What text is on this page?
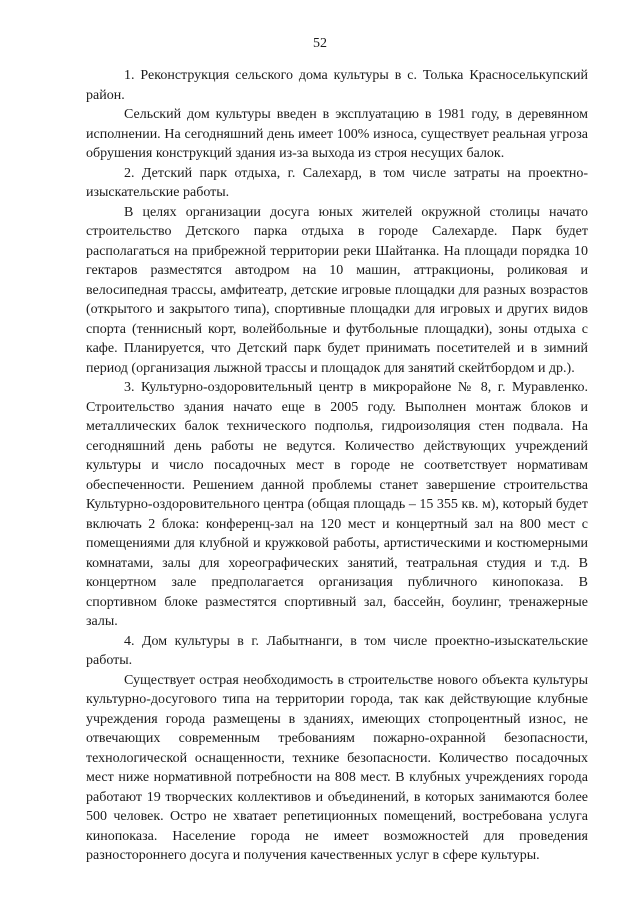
52

1. Реконструкция сельского дома культуры в с. Толька Красноселькупский район.

Сельский дом культуры введен в эксплуатацию в 1981 году, в деревянном исполнении. На сегодняшний день имеет 100% износа, существует реальная угроза обрушения конструкций здания из-за выхода из строя несущих балок.

2. Детский парк отдыха, г. Салехард, в том числе затраты на проектно-изыскательские работы.

В целях организации досуга юных жителей окружной столицы начато строительство Детского парка отдыха в городе Салехарде. Парк будет располагаться на прибрежной территории реки Шайтанка. На площади порядка 10 гектаров разместятся автодром на 10 машин, аттракционы, роликовая и велосипедная трассы, амфитеатр, детские игровые площадки для разных возрастов (открытого и закрытого типа), спортивные площадки для игровых и других видов спорта (теннисный корт, волейбольные и футбольные площадки), зоны отдыха с кафе. Планируется, что Детский парк будет принимать посетителей и в зимний период (организация лыжной трассы и площадок для занятий скейтбордом и др.).

3. Культурно-оздоровительный центр в микрорайоне № 8, г. Муравленко. Строительство здания начато еще в 2005 году. Выполнен монтаж блоков и металлических балок технического подполья, гидроизоляция стен подвала. На сегодняшний день работы не ведутся. Количество действующих учреждений культуры и число посадочных мест в городе не соответствует нормативам обеспеченности. Решением данной проблемы станет завершение строительства Культурно-оздоровительного центра (общая площадь – 15 355 кв. м), который будет включать 2 блока: конференц-зал на 120 мест и концертный зал на 800 мест с помещениями для клубной и кружковой работы, артистическими и костюмерными комнатами, залы для хореографических занятий, театральная студия и т.д. В концертном зале предполагается организация публичного кинопоказа. В спортивном блоке разместятся спортивный зал, бассейн, боулинг, тренажерные залы.

4. Дом культуры в г. Лабытнанги, в том числе проектно-изыскательские работы.

Существует острая необходимость в строительстве нового объекта культуры культурно-досугового типа на территории города, так как действующие клубные учреждения города размещены в зданиях, имеющих стопроцентный износ, не отвечающих современным требованиям пожарно-охранной безопасности, технологической оснащенности, технике безопасности. Количество посадочных мест ниже нормативной потребности на 808 мест. В клубных учреждениях города работают 19 творческих коллективов и объединений, в которых занимаются более 500 человек. Остро не хватает репетиционных помещений, востребована услуга кинопоказа. Население города не имеет возможностей для проведения разностороннего досуга и получения качественных услуг в сфере культуры.
